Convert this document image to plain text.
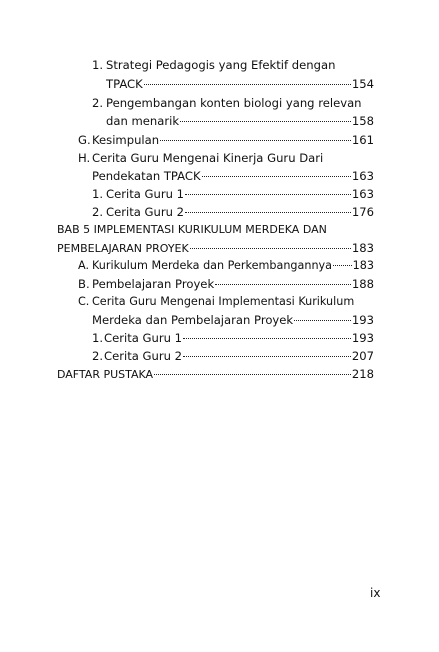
1. Strategi Pedagogis yang Efektif dengan
TPACK	154
2. Pengembangan konten biologi yang relevan
dan menarik	158
G. Kesimpulan	161
H. Cerita Guru Mengenai Kinerja Guru Dari
Pendekatan TPACK	163
1. Cerita Guru 1	163
2. Cerita Guru 2	176
BAB 5 IMPLEMENTASI KURIKULUM MERDEKA DAN
PEMBELAJARAN PROYEK	183
A. Kurikulum Merdeka dan Perkembangannya 183
B. Pembelajaran Proyek	188
C. Cerita Guru Mengenai Implementasi Kurikulum
Merdeka dan Pembelajaran Proyek	193
1. Cerita Guru 1	193
2. Cerita Guru 2	207
DAFTAR PUSTAKA	218
ix
